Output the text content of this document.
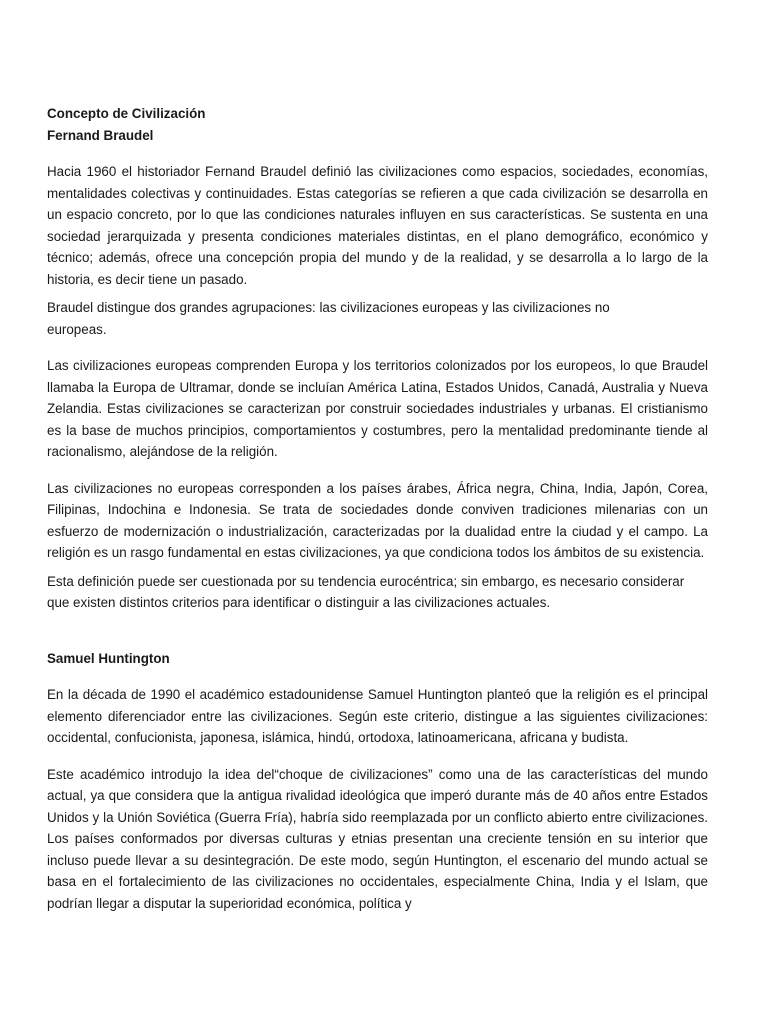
Concepto de Civilización

Fernand Braudel

Hacia 1960 el historiador Fernand Braudel definió las civilizaciones como espacios, sociedades, economías, mentalidades colectivas y continuidades. Estas categorías se refieren a que cada civilización se desarrolla en un espacio concreto, por lo que las condiciones naturales influyen en sus características. Se sustenta en una sociedad jerarquizada y presenta condiciones materiales distintas, en el plano demográfico, económico y técnico; además, ofrece una concepción propia del mundo y de la realidad, y se desarrolla a lo largo de la historia, es decir tiene un pasado.

Braudel distingue dos grandes agrupaciones: las civilizaciones europeas y las civilizaciones no europeas.

Las civilizaciones europeas comprenden Europa y los territorios colonizados por los europeos, lo que Braudel llamaba la Europa de Ultramar, donde se incluían América Latina, Estados Unidos, Canadá, Australia y Nueva Zelandia. Estas civilizaciones se caracterizan por construir sociedades industriales y urbanas. El cristianismo es la base de muchos principios, comportamientos y costumbres, pero la mentalidad predominante tiende al racionalismo, alejándose de la religión.

Las civilizaciones no europeas corresponden a los países árabes, África negra, China, India, Japón, Corea, Filipinas, Indochina e Indonesia. Se trata de sociedades donde conviven tradiciones milenarias con un esfuerzo de modernización o industrialización, caracterizadas por la dualidad entre la ciudad y el campo. La religión es un rasgo fundamental en estas civilizaciones, ya que condiciona todos los ámbitos de su existencia.

Esta definición puede ser cuestionada por su tendencia eurocéntrica; sin embargo, es necesario considerar que existen distintos criterios para identificar o distinguir a las civilizaciones actuales.

Samuel Huntington

En la década de 1990 el académico estadounidense Samuel Huntington planteó que la religión es el principal elemento diferenciador entre las civilizaciones. Según este criterio, distingue a las siguientes civilizaciones: occidental, confucionista, japonesa, islámica, hindú, ortodoxa, latinoamericana, africana y budista.

Este académico introdujo la idea del“choque de civilizaciones” como una de las características del mundo actual, ya que considera que la antigua rivalidad ideológica que imperó durante más de 40 años entre Estados Unidos y la Unión Soviética (Guerra Fría), habría sido reemplazada por un conflicto abierto entre civilizaciones. Los países conformados por diversas culturas y etnias presentan una creciente tensión en su interior que incluso puede llevar a su desintegración. De este modo, según Huntington, el escenario del mundo actual se basa en el fortalecimiento de las civilizaciones no occidentales, especialmente China, India y el Islam, que podrían llegar a disputar la superioridad económica, política y
